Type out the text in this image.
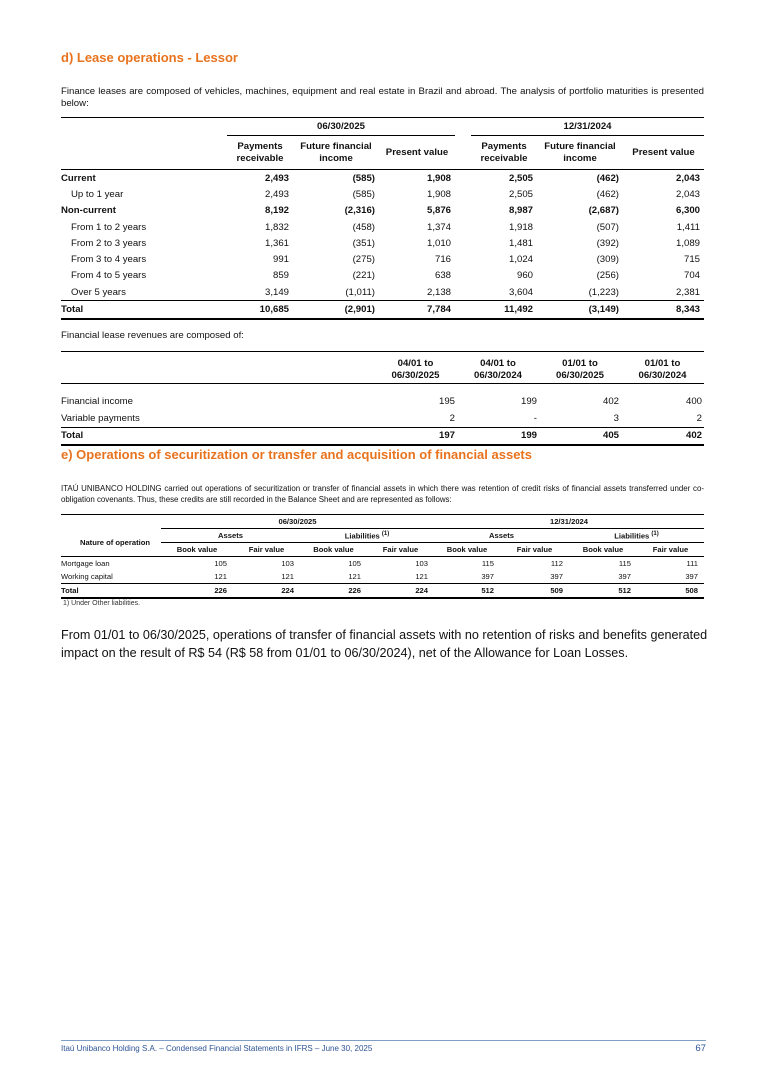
d) Lease operations - Lessor
Finance leases are composed of vehicles, machines, equipment and real estate in Brazil and abroad. The analysis of portfolio maturities is presented below:
	06/30/2025				12/31/2024		
	Payments receivable	Future financial income	Present value		Payments receivable	Future financial income	Present value
Current	2,493	(585)	1,908		2,505	(462)	2,043
Up to 1 year	2,493	(585)	1,908		2,505	(462)	2,043
Non-current	8,192	(2,316)	5,876		8,987	(2,687)	6,300
From 1 to 2 years	1,832	(458)	1,374		1,918	(507)	1,411
From 2 to 3 years	1,361	(351)	1,010		1,481	(392)	1,089
From 3 to 4 years	991	(275)	716		1,024	(309)	715
From 4 to 5 years	859	(221)	638		960	(256)	704
Over 5 years	3,149	(1,011)	2,138		3,604	(1,223)	2,381
Total	10,685	(2,901)	7,784		11,492	(3,149)	8,343
Financial lease revenues are composed of:
	04/01 to 06/30/2025	04/01 to 06/30/2024	01/01 to 06/30/2025	01/01 to 06/30/2024

Financial income	195	199	402	400
Variable payments	2	-	3	2
Total	197	199	405	402
e) Operations of securitization or transfer and acquisition of financial assets
ITAÚ UNIBANCO HOLDING carried out operations of securitization or transfer of financial assets in which there was retention of credit risks of financial assets transferred under co-obligation covenants. Thus, these credits are still recorded in the Balance Sheet and are represented as follows:
	06/30/2025				12/31/2024			
Nature of operation	Assets		Liabilities $^{(1)}$		Assets		Liabilities $^{(1)}$
	Book value	Fair value	Book value	Fair value	Book value	Fair value	Book value	Fair value
Mortgage loan	105	103	105	103	115	112	115	111
Working capital	121	121	121	121	397	397	397	397
Total	226	224	226	224	512	509	512	508
1) Under Other liabilities.
From 01/01 to 06/30/2025, operations of transfer of financial assets with no retention of risks and benefits generated impact on the result of R$ 54 (R$ 58 from 01/01 to 06/30/2024), net of the Allowance for Loan Losses.
Itaú Unibanco Holding S.A. – Condensed Financial Statements in IFRS – June 30, 2025	67
